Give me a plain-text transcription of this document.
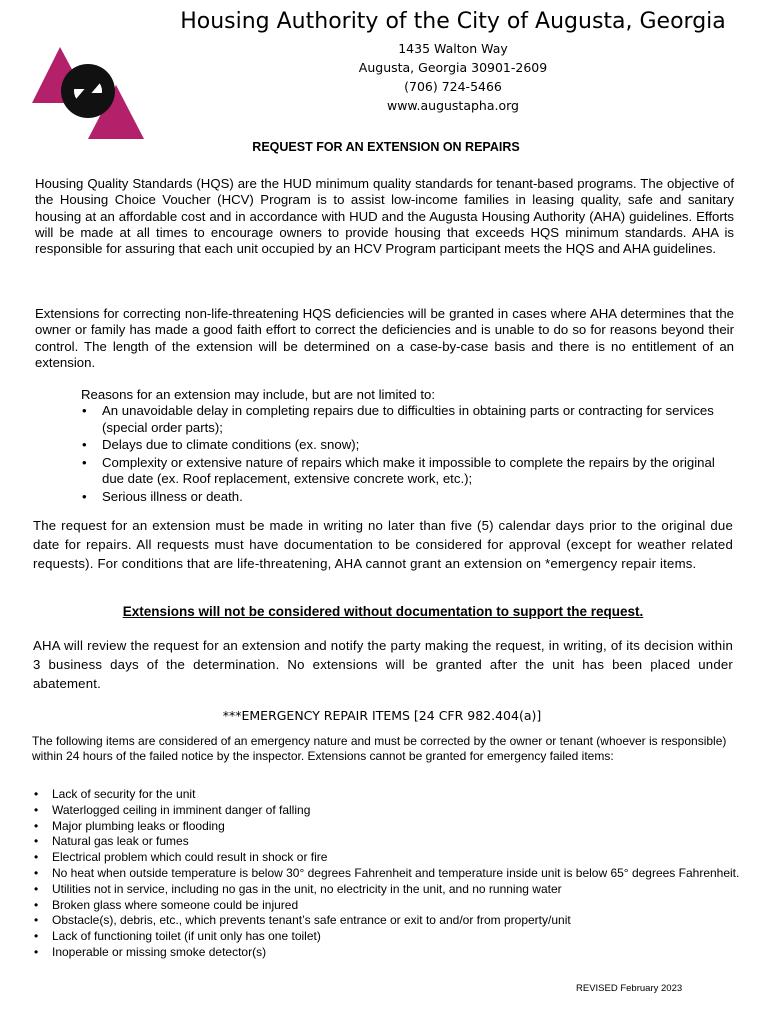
Housing Authority of the City of Augusta, Georgia
1435 Walton Way
Augusta, Georgia 30901-2609
(706) 724-5466
www.augustapha.org
REQUEST FOR AN EXTENSION ON REPAIRS

Housing Quality Standards (HQS) are the HUD minimum quality standards for tenant-based programs. The objective of the Housing Choice Voucher (HCV) Program is to assist low-income families in leasing quality, safe and sanitary housing at an affordable cost and in accordance with HUD and the Augusta Housing Authority (AHA) guidelines. Efforts will be made at all times to encourage owners to provide housing that exceeds HQS minimum standards. AHA is responsible for assuring that each unit occupied by an HCV Program participant meets the HQS and AHA guidelines.

Extensions for correcting non-life-threatening HQS deficiencies will be granted in cases where AHA determines that the owner or family has made a good faith effort to correct the deficiencies and is unable to do so for reasons beyond their control. The length of the extension will be determined on a case-by-case basis and there is no entitlement of an extension.

Reasons for an extension may include, but are not limited to:
• An unavoidable delay in completing repairs due to difficulties in obtaining parts or contracting for services (special order parts);
• Delays due to climate conditions (ex. snow);
• Complexity or extensive nature of repairs which make it impossible to complete the repairs by the original due date (ex. Roof replacement, extensive concrete work, etc.);
• Serious illness or death.

The request for an extension must be made in writing no later than five (5) calendar days prior to the original due date for repairs. All requests must have documentation to be considered for approval (except for weather related requests). For conditions that are life-threatening, AHA cannot grant an extension on *emergency repair items.

Extensions will not be considered without documentation to support the request.

AHA will review the request for an extension and notify the party making the request, in writing, of its decision within 3 business days of the determination. No extensions will be granted after the unit has been placed under abatement.

***EMERGENCY REPAIR ITEMS [24 CFR 982.404(a)]

The following items are considered of an emergency nature and must be corrected by the owner or tenant (whoever is responsible) within 24 hours of the failed notice by the inspector. Extensions cannot be granted for emergency failed items:

• Lack of security for the unit
• Waterlogged ceiling in imminent danger of falling
• Major plumbing leaks or flooding
• Natural gas leak or fumes
• Electrical problem which could result in shock or fire
• No heat when outside temperature is below 30° degrees Fahrenheit and temperature inside unit is below 65° degrees Fahrenheit.
• Utilities not in service, including no gas in the unit, no electricity in the unit, and no running water
• Broken glass where someone could be injured
• Obstacle(s), debris, etc., which prevents tenant’s safe entrance or exit to and/or from property/unit
• Lack of functioning toilet (if unit only has one toilet)
• Inoperable or missing smoke detector(s)
REVISED February 2023
